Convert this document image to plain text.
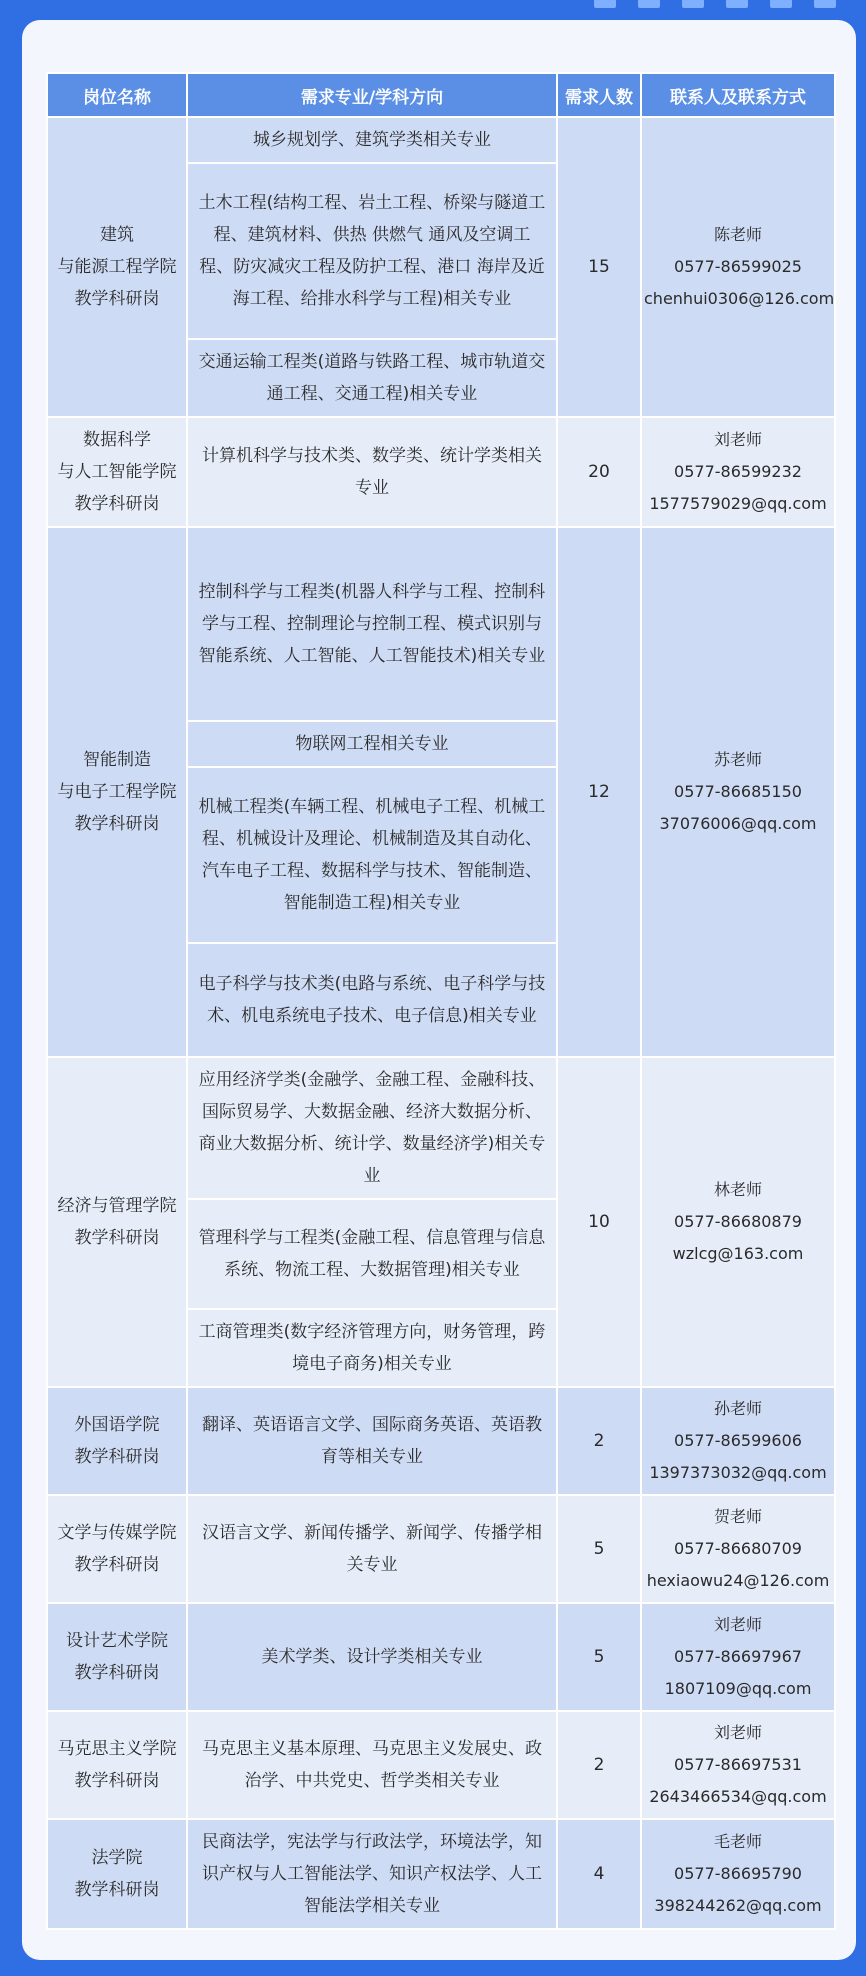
岗位名称	需求专业/学科方向	需求人数	联系人及联系方式

建筑
与能源工程学院
教学科研岗	城乡规划学、建筑学类相关专业	15	陈老师
0577-86599025
chenhui0306@126.com

	土木工程(结构工程、岩土工程、桥梁与隧道工程、建筑材料、供热 供燃气 通风及空调工程、防灾减灾工程及防护工程、港口 海岸及近海工程、给排水科学与工程)相关专业		
	交通运输工程类(道路与铁路工程、城市轨道交通工程、交通工程)相关专业		

数据科学
与人工智能学院
教学科研岗	计算机科学与技术类、数学类、统计学类相关专业	20	刘老师
0577-86599232
1577579029@qq.com

智能制造
与电子工程学院
教学科研岗	控制科学与工程类(机器人科学与工程、控制科学与工程、控制理论与控制工程、模式识别与智能系统、人工智能、人工智能技术)相关专业	12	苏老师
0577-86685150
37076006@qq.com

	物联网工程相关专业		
	机械工程类(车辆工程、机械电子工程、机械工程、机械设计及理论、机械制造及其自动化、汽车电子工程、数据科学与技术、智能制造、智能制造工程)相关专业		
	电子科学与技术类(电路与系统、电子科学与技术、机电系统电子技术、电子信息)相关专业		

经济与管理学院
教学科研岗	应用经济学类(金融学、金融工程、金融科技、国际贸易学、大数据金融、经济大数据分析、商业大数据分析、统计学、数量经济学)相关专业	10	林老师
0577-86680879
wzlcg@163.com

	管理科学与工程类(金融工程、信息管理与信息系统、物流工程、大数据管理)相关专业		
	工商管理类(数字经济管理方向，财务管理，跨境电子商务)相关专业		

外国语学院
教学科研岗	翻译、英语语言文学、国际商务英语、英语教育等相关专业	2	孙老师
0577-86599606
1397373032@qq.com

文学与传媒学院
教学科研岗	汉语言文学、新闻传播学、新闻学、传播学相关专业	5	贺老师
0577-86680709
hexiaowu24@126.com

设计艺术学院
教学科研岗	美术学类、设计学类相关专业	5	刘老师
0577-86697967
1807109@qq.com

马克思主义学院
教学科研岗	马克思主义基本原理、马克思主义发展史、政治学、中共党史、哲学类相关专业	2	刘老师
0577-86697531
2643466534@qq.com

法学院
教学科研岗	民商法学，宪法学与行政法学，环境法学，知识产权与人工智能法学、知识产权法学、人工智能法学相关专业	4	毛老师
0577-86695790
398244262@qq.com
